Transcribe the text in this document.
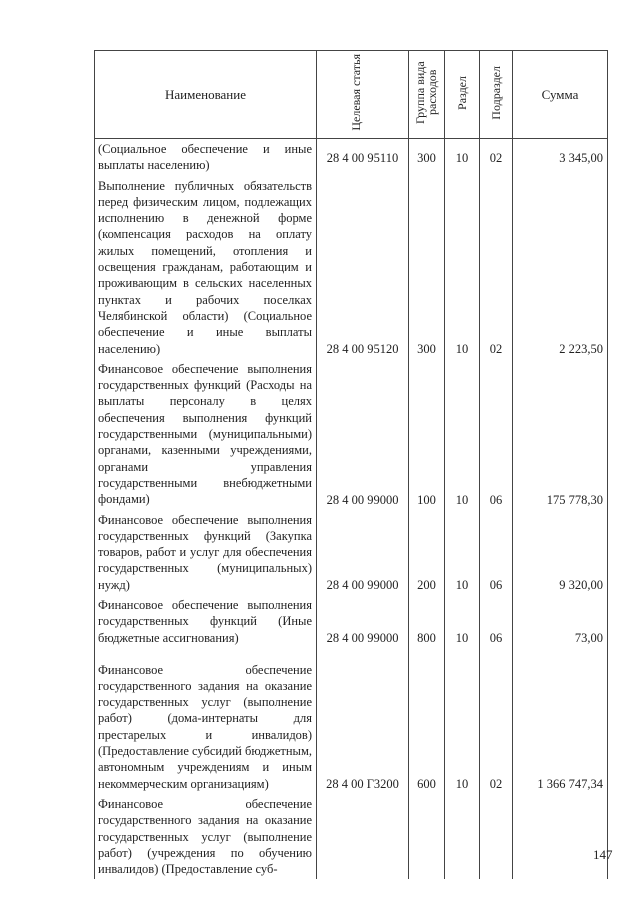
Наименование	Целевая статья	Группа вида расходов	Раздел	Подраздел	Сумма
(Социальное обеспечение и иные выплаты населению)	28 4 00 95110	300	10	02	3 345,00
Выполнение публичных обязательств перед физическим лицом, подлежащих исполнению в денежной форме (компенсация расходов на оплату жилых помещений, отопления и освещения гражданам, работающим и проживающим в сельских населенных пунктах и рабочих поселках Челябинской области) (Социальное обеспечение и иные выплаты населению)	28 4 00 95120	300	10	02	2 223,50
Финансовое обеспечение выполнения государственных функций (Расходы на выплаты персоналу в целях обеспечения выполнения функций государственными (муниципальными) органами, казенными учреждениями, органами управления государственными внебюджетными фондами)	28 4 00 99000	100	10	06	175 778,30
Финансовое обеспечение выполнения государственных функций (Закупка товаров, работ и услуг для обеспечения государственных (муниципальных) нужд)	28 4 00 99000	200	10	06	9 320,00
Финансовое обеспечение выполнения государственных функций (Иные бюджетные ассигнования)	28 4 00 99000	800	10	06	73,00
Финансовое обеспечение государственного задания на оказание государственных услуг (выполнение работ) (дома-интернаты для престарелых и инвалидов) (Предоставление субсидий бюджетным, автономным учреждениям и иным некоммерческим организациям)	28 4 00 Г3200	600	10	02	1 366 747,34
Финансовое обеспечение государственного задания на оказание государственных услуг (выполнение работ) (учреждения по обучению инвалидов) (Предоставление суб-					
147
